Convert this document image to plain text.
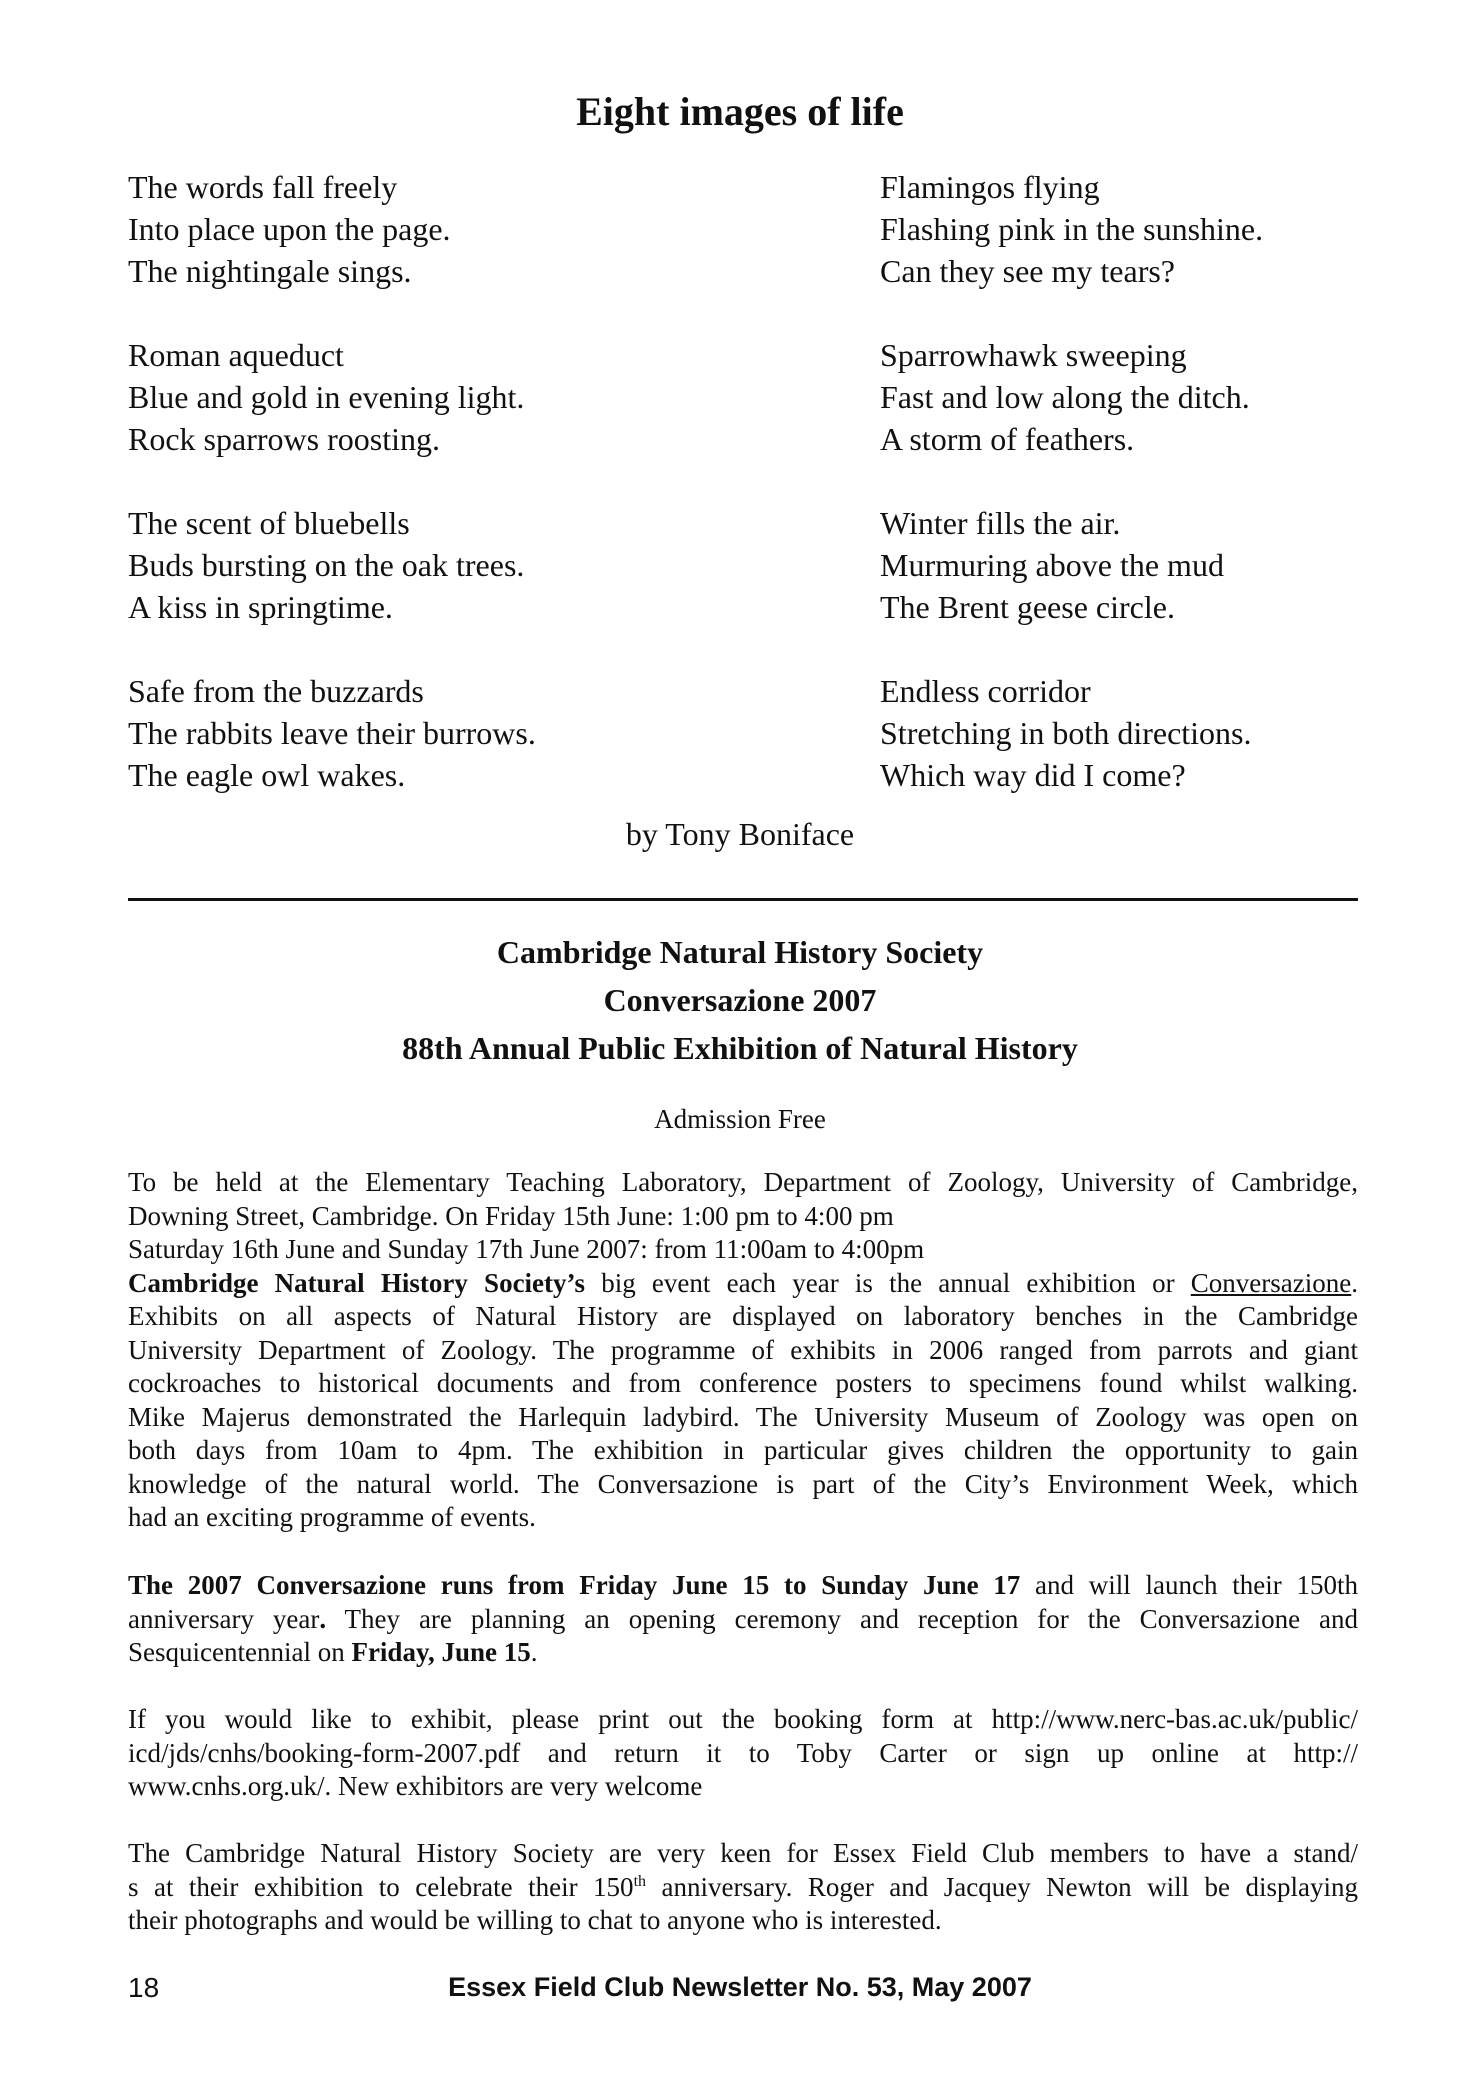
Eight images of life
The words fall freely
Into place upon the page.
The nightingale sings.
Roman aqueduct
Blue and gold in evening light.
Rock sparrows roosting.
The scent of bluebells
Buds bursting on the oak trees.
A kiss in springtime.
Safe from the buzzards
The rabbits leave their burrows.
The eagle owl wakes.
Flamingos flying
Flashing pink in the sunshine.
Can they see my tears?
Sparrowhawk sweeping
Fast and low along the ditch.
A storm of feathers.
Winter fills the air.
Murmuring above the mud
The Brent geese circle.
Endless corridor
Stretching in both directions.
Which way did I come?
by Tony Boniface
Cambridge Natural History Society
Conversazione 2007
88th Annual Public Exhibition of Natural History
Admission Free
To be held at the Elementary Teaching Laboratory, Department of Zoology, University of Cambridge,
Downing Street, Cambridge. On Friday 15th June: 1:00 pm to 4:00 pm
Saturday 16th June and Sunday 17th June 2007: from 11:00am to 4:00pm
Cambridge Natural History Society’s big event each year is the annual exhibition or Conversazione.
Exhibits on all aspects of Natural History are displayed on laboratory benches in the Cambridge
University Department of Zoology. The programme of exhibits in 2006 ranged from parrots and giant
cockroaches to historical documents and from conference posters to specimens found whilst walking.
Mike Majerus demonstrated the Harlequin ladybird. The University Museum of Zoology was open on
both days from 10am to 4pm. The exhibition in particular gives children the opportunity to gain
knowledge of the natural world. The Conversazione is part of the City’s Environment Week, which
had an exciting programme of events.
The 2007 Conversazione runs from Friday June 15 to Sunday June 17 and will launch their 150th
anniversary year. They are planning an opening ceremony and reception for the Conversazione and
Sesquicentennial on Friday, June 15.
If you would like to exhibit, please print out the booking form at http://www.nerc-bas.ac.uk/public/
icd/jds/cnhs/booking-form-2007.pdf and return it to Toby Carter or sign up online at http://
www.cnhs.org.uk/. New exhibitors are very welcome
The Cambridge Natural History Society are very keen for Essex Field Club members to have a stand/
s at their exhibition to celebrate their 150th anniversary. Roger and Jacquey Newton will be displaying
their photographs and would be willing to chat to anyone who is interested.
18	Essex Field Club Newsletter No. 53, May 2007
